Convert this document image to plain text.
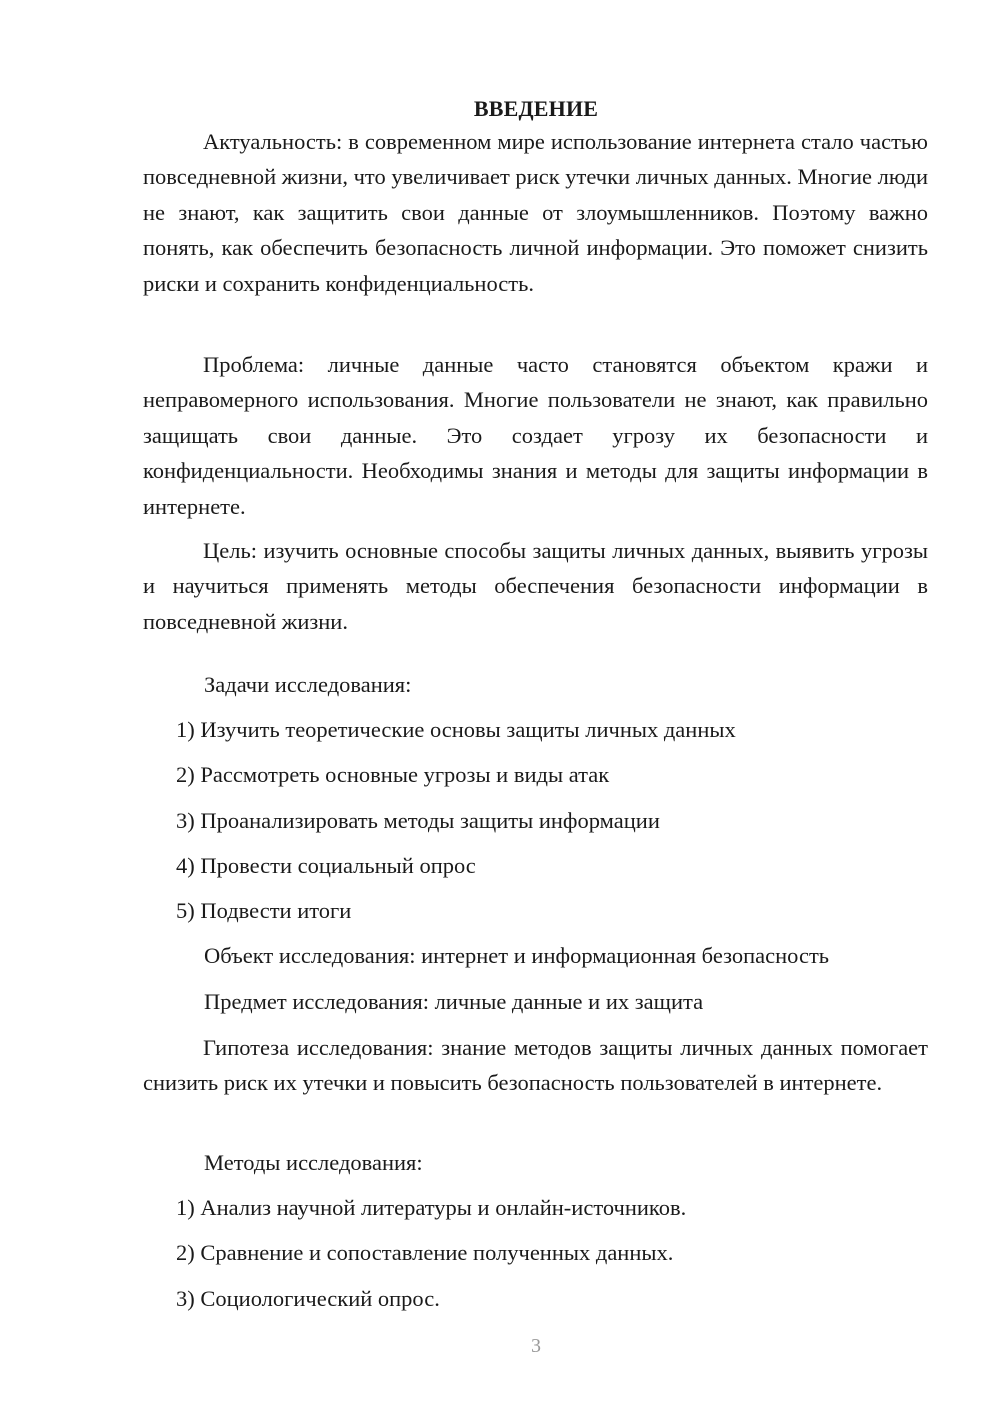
ВВЕДЕНИЕ

Актуальность: в современном мире использование интернета стало частью повседневной жизни, что увеличивает риск утечки личных данных. Многие люди не знают, как защитить свои данные от злоумышленников. Поэтому важно понять, как обеспечить безопасность личной информации. Это поможет снизить риски и сохранить конфиденциальность.

Проблема: личные данные часто становятся объектом кражи и неправомерного использования. Многие пользователи не знают, как правильно защищать свои данные. Это создает угрозу их безопасности и конфиденциальности. Необходимы знания и методы для защиты информации в интернете.

Цель: изучить основные способы защиты личных данных, выявить угрозы и научиться применять методы обеспечения безопасности информации в повседневной жизни.

Задачи исследования:
1) Изучить теоретические основы защиты личных данных
2) Рассмотреть основные угрозы и виды атак
3) Проанализировать методы защиты информации
4) Провести социальный опрос
5) Подвести итоги
Объект исследования: интернет и информационная безопасность
Предмет исследования: личные данные и их защита

Гипотеза исследования: знание методов защиты личных данных помогает снизить риск их утечки и повысить безопасность пользователей в интернете.

Методы исследования:
1) Анализ научной литературы и онлайн-источников.
2) Сравнение и сопоставление полученных данных.
3) Социологический опрос.
3
